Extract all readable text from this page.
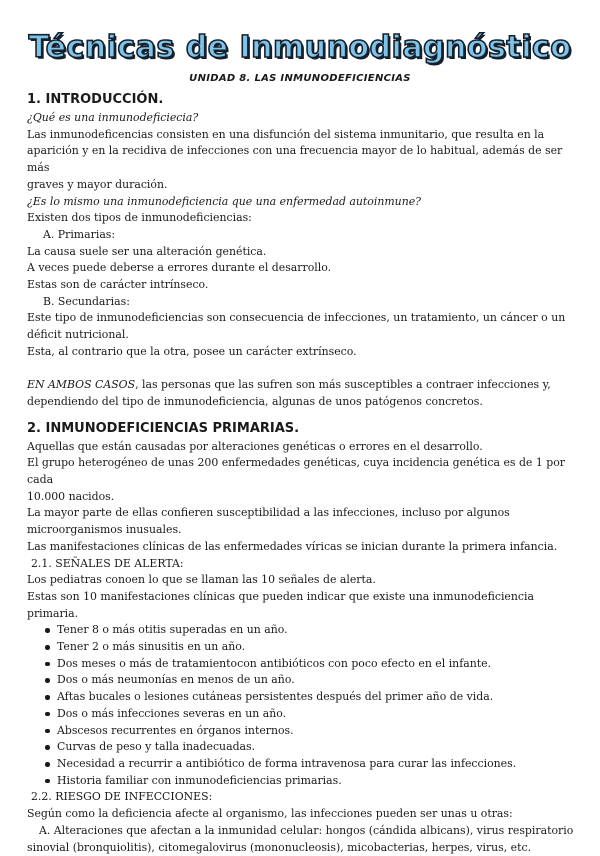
Técnicas de Inmunodiagnóstico
UNIDAD 8. LAS INMUNODEFICIENCIAS

1. INTRODUCCIÓN.

¿Qué es una inmunodeficiecia?

Las inmunodeficencias consisten en una disfunción del sistema inmunitario, que resulta en la

aparición y en la recidiva de infecciones con una frecuencia mayor de lo habitual, además de ser más

graves y mayor duración.

¿Es lo mismo una inmunodeficiencia que una enfermedad autoinmune?

Existen dos tipos de inmunodeficiencias:

A. Primarias:

La causa suele ser una alteración genética.

A veces puede deberse a errores durante el desarrollo.

Estas son de carácter intrínseco.

B. Secundarias:

Este tipo de inmunodeficiencias son consecuencia de infecciones, un tratamiento, un cáncer o un

déficit nutricional.

Esta, al contrario que la otra, posee un carácter extrínseco.

EN AMBOS CASOS, las personas que las sufren son más susceptibles a contraer infecciones y,

dependiendo del tipo de inmunodeficiencia, algunas de unos patógenos concretos.

2. INMUNODEFICIENCIAS PRIMARIAS.

Aquellas que están causadas por alteraciones genéticas o errores en el desarrollo.

El grupo heterogéneo de unas 200 enfermedades genéticas, cuya incidencia genética es de 1 por cada

10.000 nacidos.

La mayor parte de ellas confieren susceptibilidad a las infecciones, incluso por algunos

microorganismos inusuales.

Las manifestaciones clínicas de las enfermedades víricas se inician durante la primera infancia.

2.1. SEÑALES DE ALERTA:

Los pediatras conoen lo que se llaman las 10 señales de alerta.

Estas son 10 manifestaciones clínicas que pueden indicar que existe una inmunodeficiencia primaria.

Tener 8 o más otitis superadas en un año.
Tener 2 o más sinusitis en un año.
Dos meses o más de tratamientocon antibióticos con poco efecto en el infante.
Dos o más neumonías en menos de un año.
Aftas bucales o lesiones cutáneas persistentes después del primer año de vida.
Dos o más infecciones severas en un año.
Abscesos recurrentes en órganos internos.
Curvas de peso y talla inadecuadas.
Necesidad a recurrir a antibiótico de forma intravenosa para curar las infecciones.
Historia familiar con inmunodeficiencias primarias.

2.2. RIESGO DE INFECCIONES:

Según como la deficiencia afecte al organismo, las infecciones pueden ser unas u otras:

A. Alteraciones que afectan a la inmunidad celular: hongos (cándida albicans), virus respiratorio

sinovial (bronquiolitis), citomegalovirus (mononucleosis), micobacterias, herpes, virus, etc.
